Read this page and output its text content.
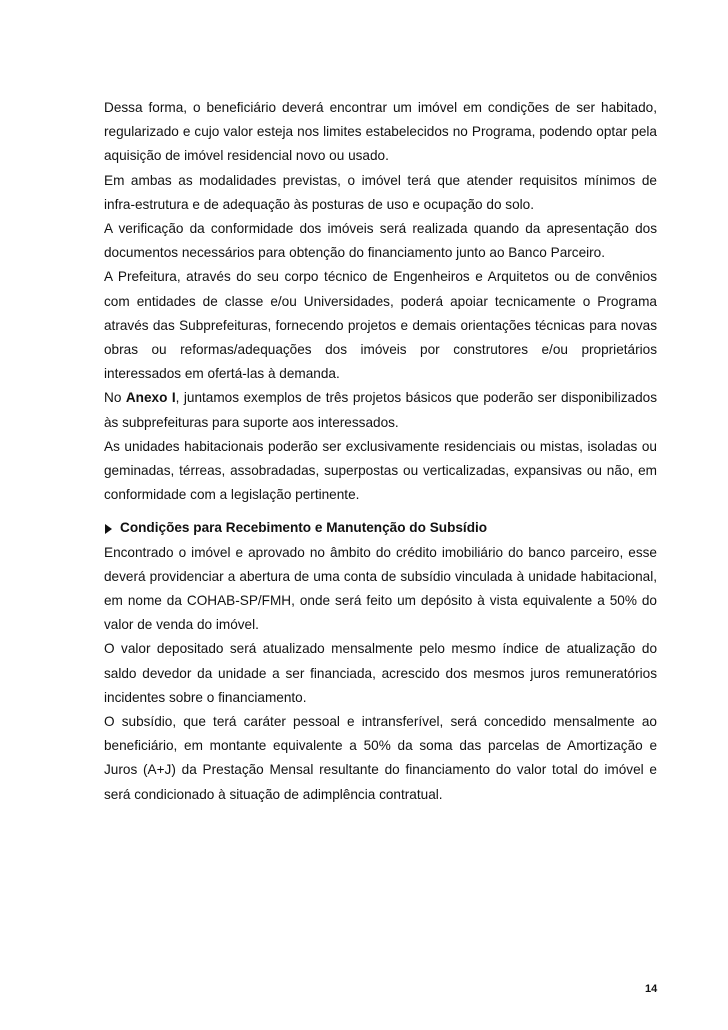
Dessa forma, o beneficiário deverá encontrar um imóvel em condições de ser habitado, regularizado e cujo valor esteja nos limites estabelecidos no Programa, podendo optar pela aquisição de imóvel residencial novo ou usado.

Em ambas as modalidades previstas, o imóvel terá que atender requisitos mínimos de infra-estrutura e de adequação às posturas de uso e ocupação do solo.

A verificação da conformidade dos imóveis será realizada quando da apresentação dos documentos necessários para obtenção do financiamento junto ao Banco Parceiro.

A Prefeitura, através do seu corpo técnico de Engenheiros e Arquitetos ou de convênios com entidades de classe e/ou Universidades, poderá apoiar tecnicamente o Programa através das Subprefeituras, fornecendo projetos e demais orientações técnicas para novas obras ou reformas/adequações dos imóveis por construtores e/ou proprietários interessados em ofertá-las à demanda.

No Anexo I, juntamos exemplos de três projetos básicos que poderão ser disponibilizados às subprefeituras para suporte aos interessados.

As unidades habitacionais poderão ser exclusivamente residenciais ou mistas, isoladas ou geminadas, térreas, assobradadas, superpostas ou verticalizadas, expansivas ou não, em conformidade com a legislação pertinente.

Condições para Recebimento e Manutenção do Subsídio

Encontrado o imóvel e aprovado no âmbito do crédito imobiliário do banco parceiro, esse deverá providenciar a abertura de uma conta de subsídio vinculada à unidade habitacional, em nome da COHAB-SP/FMH, onde será feito um depósito à vista equivalente a 50% do valor de venda do imóvel.

O valor depositado será atualizado mensalmente pelo mesmo índice de atualização do saldo devedor da unidade a ser financiada, acrescido dos mesmos juros remuneratórios incidentes sobre o financiamento.

O subsídio, que terá caráter pessoal e intransferível, será concedido mensalmente ao beneficiário, em montante equivalente a 50% da soma das parcelas de Amortização e Juros (A+J) da Prestação Mensal resultante do financiamento do valor total do imóvel e será condicionado à situação de adimplência contratual.

14
